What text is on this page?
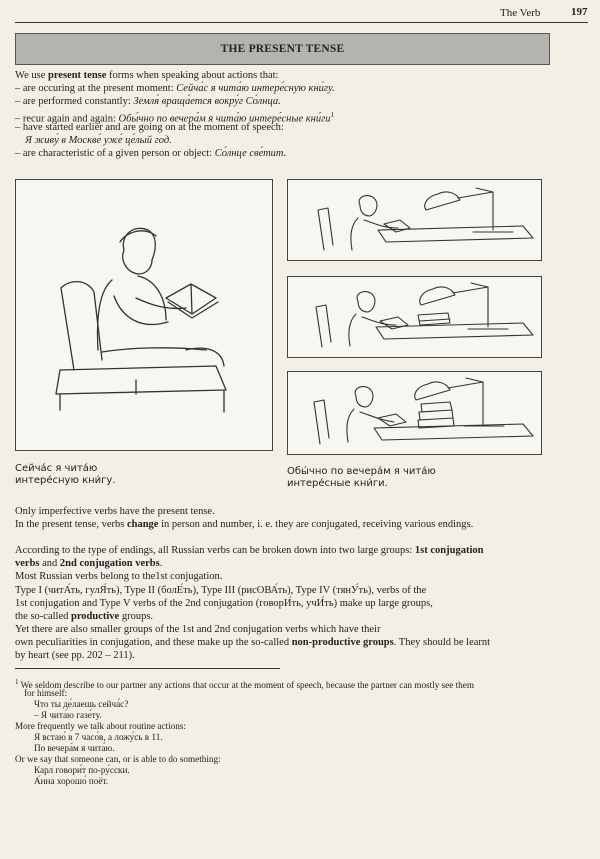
The Verb	197
THE PRESENT TENSE
We use present tense forms when speaking about actions that:
– are occuring at the present moment: Сейча́с я чита́ю интере́сную кни́гу.
– are performed constantly: Земля́ враща́ется вокру́г Со́лнца.
– recur again and again: Обы́чно по вечера́м я чита́ю интере́сные $кни́ги^1$
– have started earlier and are going on at the moment of speech:
Я живу́ в Москве́ уже́ це́лый год.
– are characteristic of a given person or object: Со́лнце све́тит.
Сейча́с я чита́ю
интере́сную кни́гу.
Обы́чно по вечера́м я чита́ю
интере́сные кни́ги.
Only imperfective verbs have the present tense.
In the present tense, verbs change in person and number, i. e. they are conjugated, receiving various endings.
According to the type of endings, all Russian verbs can be broken down into two large groups: 1st conjugation
verbs and 2nd conjugation verbs.
Most Russian verbs belong to the1st conjugation.
Type I (читА́ть, гулЯ́ть), Type II (болЕ́ть), Type III (рисОВА́ть), Type IV (тянУ́ть), verbs of the
1st conjugation and Type V verbs of the 2nd conjugation (говорИ́ть, учИ́ть) make up large groups,
the so-called productive groups.
Yet there are also smaller groups of the 1st and 2nd conjugation verbs which have their
own peculiarities in conjugation, and these make up the so-called non-productive groups. They should be learnt
by heart (see pp. 202 – 211).
$^1$ We seldom describe to our partner any actions that occur at the moment of speech, because the partner can mostly see them
for himself:
Что ты де́лаешь сейча́с?
– Я чита́ю газе́ту.
More frequently we talk about routine actions:
Я встаю́ в 7 часо́в, а ложу́сь в 11.
По вечера́м я чита́ю.
Or we say that someone can, or is able to do something:
Карл говори́т по-ру́сски.
А́нна хорошо́ поёт.
